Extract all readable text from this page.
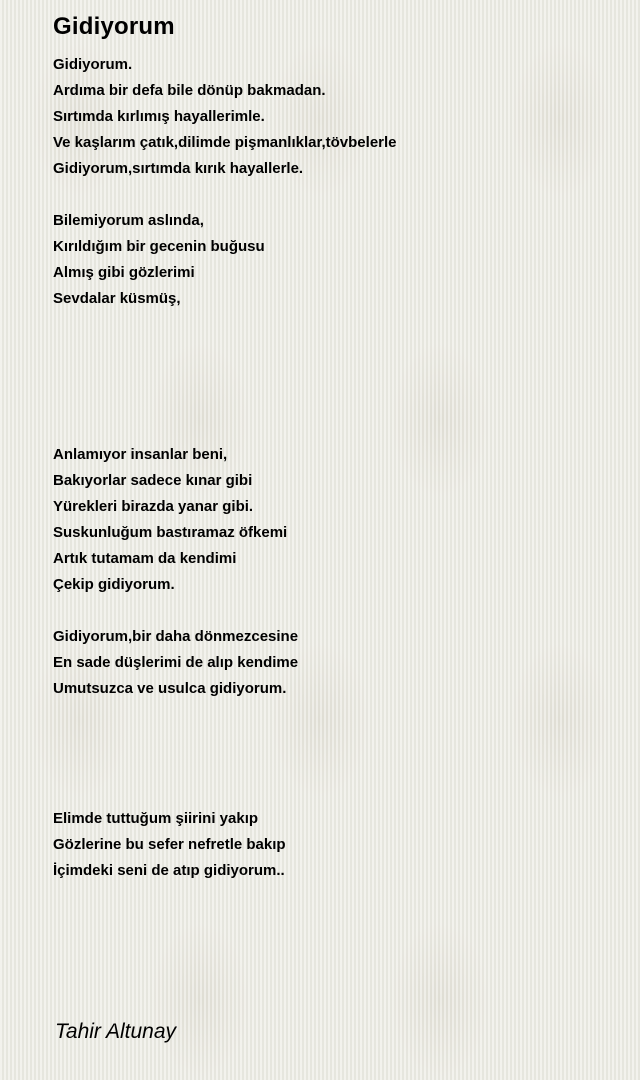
Gidiyorum
Gidiyorum.
Ardıma bir defa bile dönüp bakmadan.
Sırtımda kırlımış hayallerimle.
Ve kaşlarım çatık,dilimde pişmanlıklar,tövbelerle
Gidiyorum,sırtımda kırık hayallerle.
Bilemiyorum aslında,
Kırıldığım bir gecenin buğusu
Almış gibi gözlerimi
Sevdalar küsmüş,
Anlamıyor insanlar beni,
Bakıyorlar sadece kınar gibi
Yürekleri birazda yanar gibi.
Suskunluğum bastıramaz öfkemi
Artık tutamam da kendimi
Çekip gidiyorum.
Gidiyorum,bir daha dönmezcesine
En sade düşlerimi de alıp kendime
Umutsuzca ve usulca gidiyorum.
Elimde tuttuğum şiirini yakıp
Gözlerine bu sefer nefretle bakıp
İçimdeki seni de atıp gidiyorum..
Tahir Altunay
